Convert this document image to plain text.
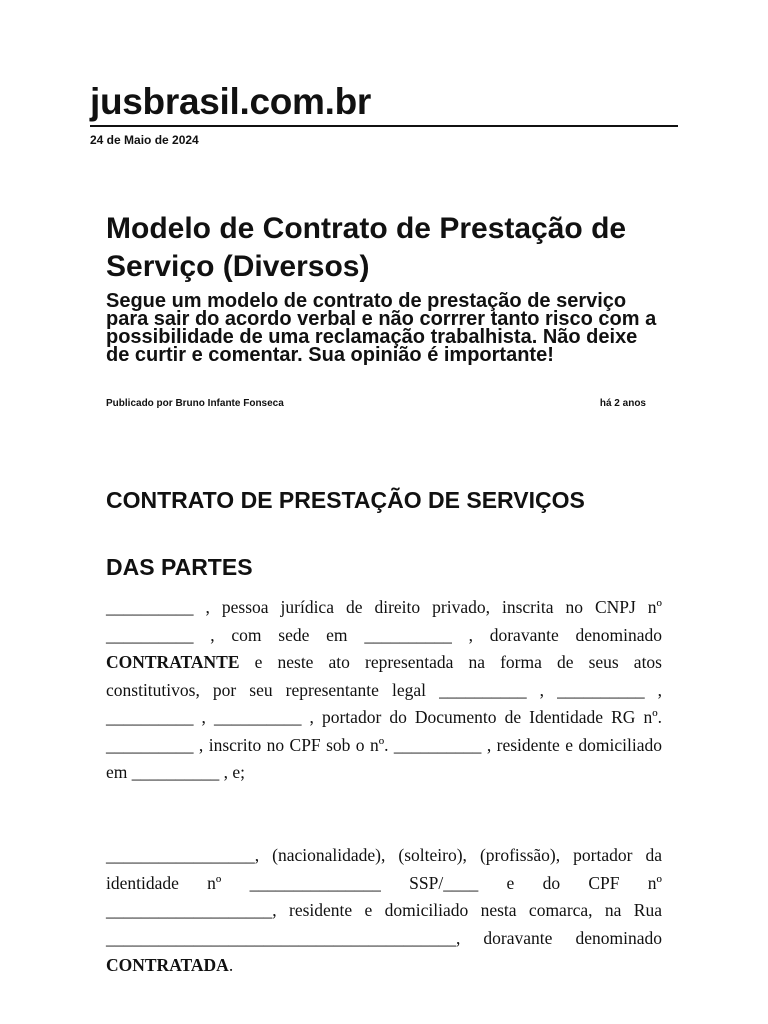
jusbrasil.com.br
24 de Maio de 2024
Modelo de Contrato de Prestação de Serviço (Diversos)

Segue um modelo de contrato de prestação de serviço para sair do acordo verbal e não corrrer tanto risco com a possibilidade de uma reclamação trabalhista. Não deixe de curtir e comentar. Sua opinião é importante!

Publicado por Bruno Infante Fonseca	há 2 anos
CONTRATO DE PRESTAÇÃO DE SERVIÇOS
DAS PARTES

__________ , pessoa jurídica de direito privado, inscrita no CNPJ nº __________ , com sede em __________ , doravante denominado CONTRATANTE e neste ato representada na forma de seus atos constitutivos, por seu representante legal __________ , __________ , __________ , __________ , portador do Documento de Identidade RG nº. __________ , inscrito no CPF sob o nº. __________ , residente e domiciliado em __________ , e;

_________________, (nacionalidade), (solteiro), (profissão), portador da identidade nº _______________ SSP/____ e do CPF nº ___________________, residente e domiciliado nesta comarca, na Rua ________________________________________, doravante denominado CONTRATADA.
